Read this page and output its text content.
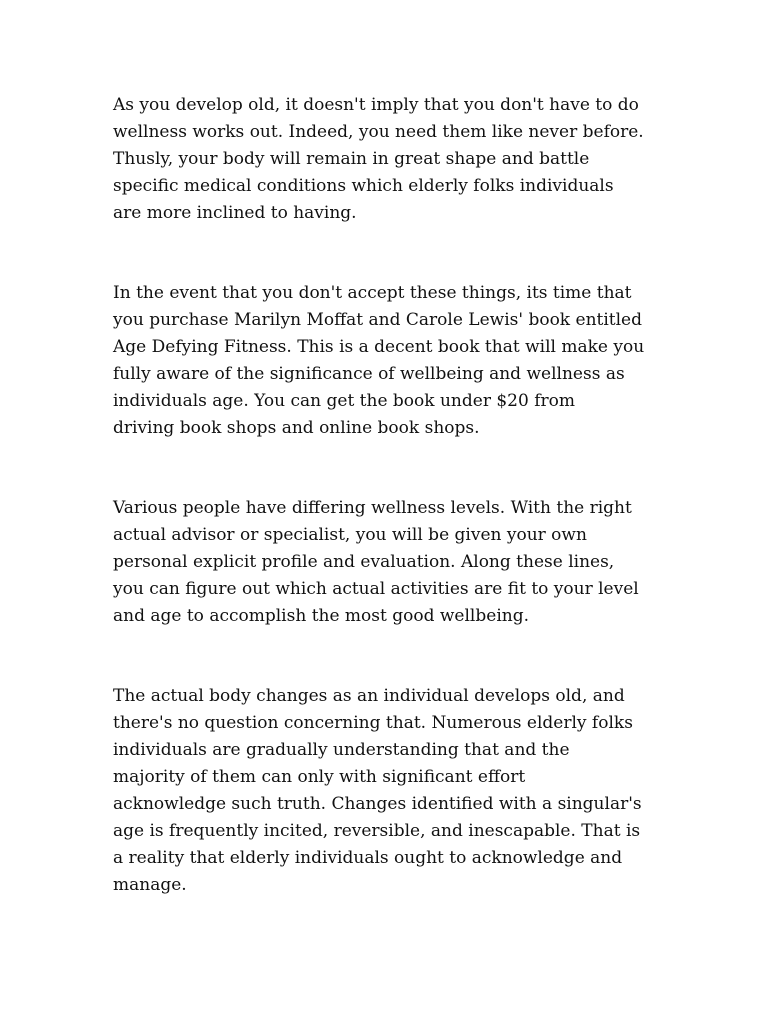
As you develop old, it doesn't imply that you don't have to do
wellness works out. Indeed, you need them like never before.
Thusly, your body will remain in great shape and battle
specific medical conditions which elderly folks individuals
are more inclined to having.

In the event that you don't accept these things, its time that
you purchase Marilyn Moffat and Carole Lewis' book entitled
Age Defying Fitness. This is a decent book that will make you
fully aware of the significance of wellbeing and wellness as
individuals age. You can get the book under $20 from
driving book shops and online book shops.

Various people have differing wellness levels. With the right
actual advisor or specialist, you will be given your own
personal explicit profile and evaluation. Along these lines,
you can figure out which actual activities are fit to your level
and age to accomplish the most good wellbeing.

The actual body changes as an individual develops old, and
there's no question concerning that. Numerous elderly folks
individuals are gradually understanding that and the
majority of them can only with significant effort
acknowledge such truth. Changes identified with a singular's
age is frequently incited, reversible, and inescapable. That is
a reality that elderly individuals ought to acknowledge and
manage.
